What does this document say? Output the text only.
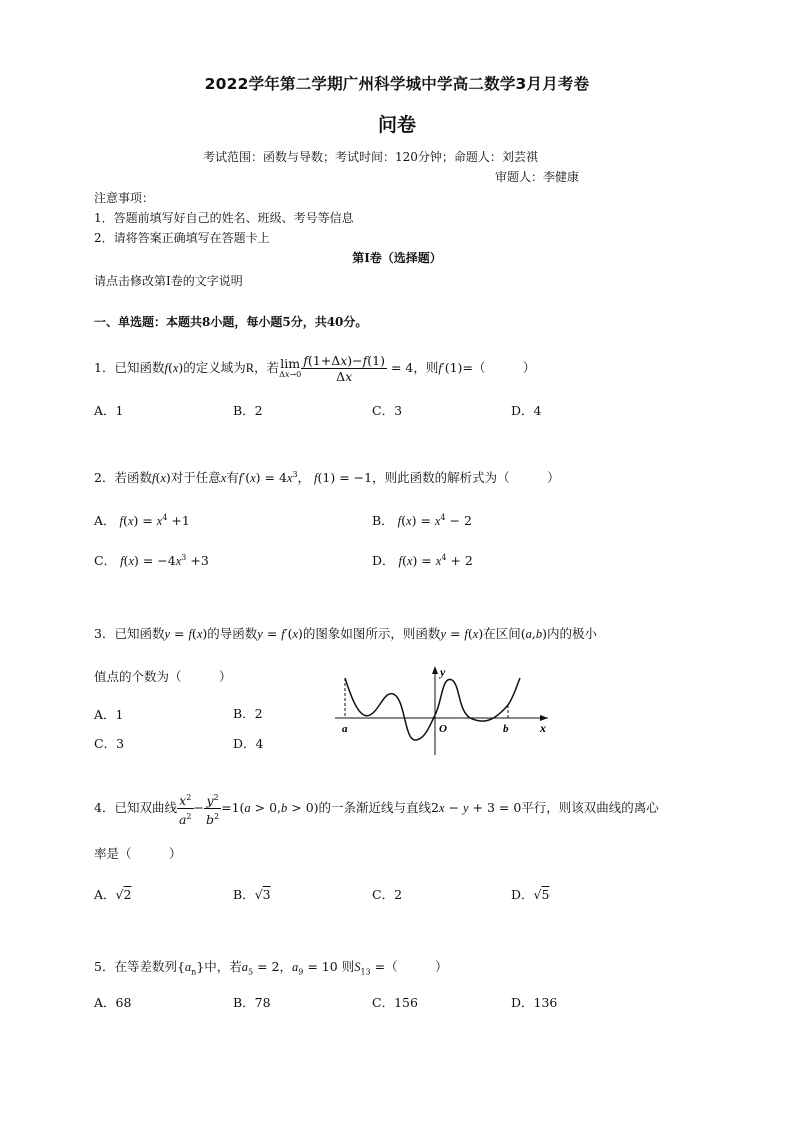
2022学年第二学期广州科学城中学高二数学3月月考卷
问卷
考试范围：函数与导数；考试时间：120分钟；命题人：刘芸祺
审题人：李健康
注意事项：
1．答题前填写好自己的姓名、班级、考号等信息
2．请将答案正确填写在答题卡上
第Ⅰ卷（选择题）
请点击修改第Ⅰ卷的文字说明
一、单选题：本题共8小题，每小题5分，共40分。
1．已知函数f(x)的定义域为R，若lim
$\Delta x\to 0 \frac{f(1+\Delta x)-f(1)}{\Delta x} = 4$，则f′(1)=（　　　）
A．1	B．2	C．3	D．4
2．若函数f(x)对于任意x有$f'(x) = 4x^3$， f(1) = −1，则此函数的解析式为（　　　）
A． $f(x) = x^4 +1$	B． $f(x) = x^4 - 2$
C． $f(x) = -4x^3 +3$	D． $f(x) = x^4 + 2$
3．已知函数y = f(x)的导函数y = f′(x)的图象如图所示，则函数y = f(x)在区间(a,b)内的极小
值点的个数为（　　　）
A．1	B．2
C．3	D．4
y
x
O
a	b
4．已知双曲线 $\frac{x^2}{a^2} - \frac{y^2}{b^2} =1(a > 0,b > 0)$的一条渐近线与直线2x − y + 3 = 0平行，则该双曲线的离心
率是（　　　）
A．√2	B．√3	C．2	D．√5
5．在等差数列$\{a_n\}$中，若$a_5 = 2$，$a_9 = 10$ 则$S_{13}$ =（　　　）
A．68	B．78	C．156	D．136
